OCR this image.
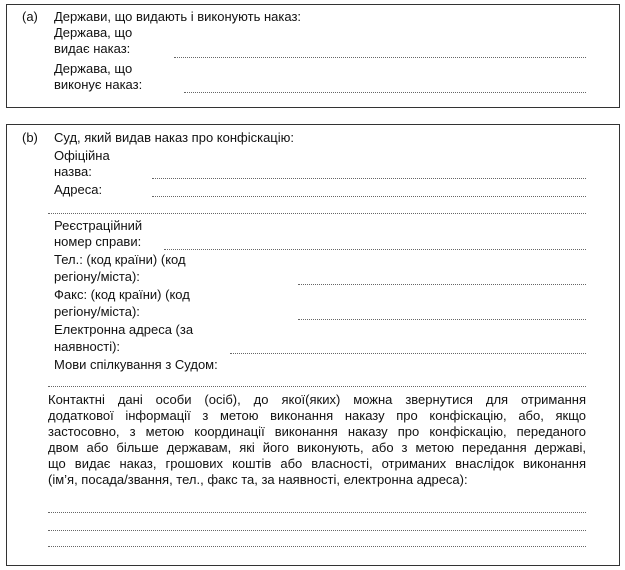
(a) Держави, що видають і виконують наказ:
Держава, що
видає наказ:
Держава, що
виконує наказ:
(b) Суд, який видав наказ про конфіскацію:
Офіційна
назва:
Адреса:
Реєстраційний
номер справи:
Тел.: (код країни) (код
регіону/міста):
Факс: (код країни) (код
регіону/міста):
Електронна адреса (за
наявності):
Мови спілкування з Судом:
Контактні дані особи (осіб), до якої(яких) можна звернутися для отримання
додаткової інформації з метою виконання наказу про конфіскацію, або, якщо
застосовно, з метою координації виконання наказу про конфіскацію, переданого
двом або більше державам, які його виконують, або з метою передання державі,
що видає наказ, грошових коштів або власності, отриманих внаслідок виконання
(ім’я, посада/звання, тел., факс та, за наявності, електронна адреса):
